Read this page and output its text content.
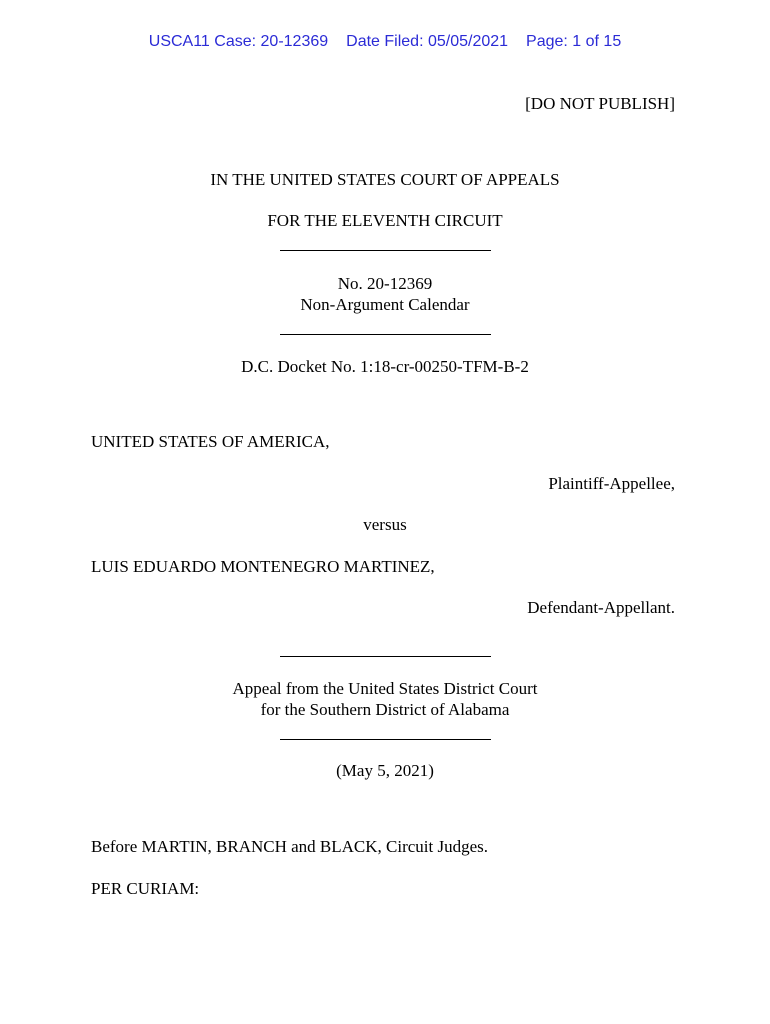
USCA11 Case: 20-12369 Date Filed: 05/05/2021 Page: 1 of 15
[DO NOT PUBLISH]
IN THE UNITED STATES COURT OF APPEALS
FOR THE ELEVENTH CIRCUIT
No. 20-12369
Non-Argument Calendar
D.C. Docket No. 1:18-cr-00250-TFM-B-2
UNITED STATES OF AMERICA,
Plaintiff-Appellee,
versus
LUIS EDUARDO MONTENEGRO MARTINEZ,
Defendant-Appellant.
Appeal from the United States District Court
for the Southern District of Alabama
(May 5, 2021)
Before MARTIN, BRANCH and BLACK, Circuit Judges.
PER CURIAM:
